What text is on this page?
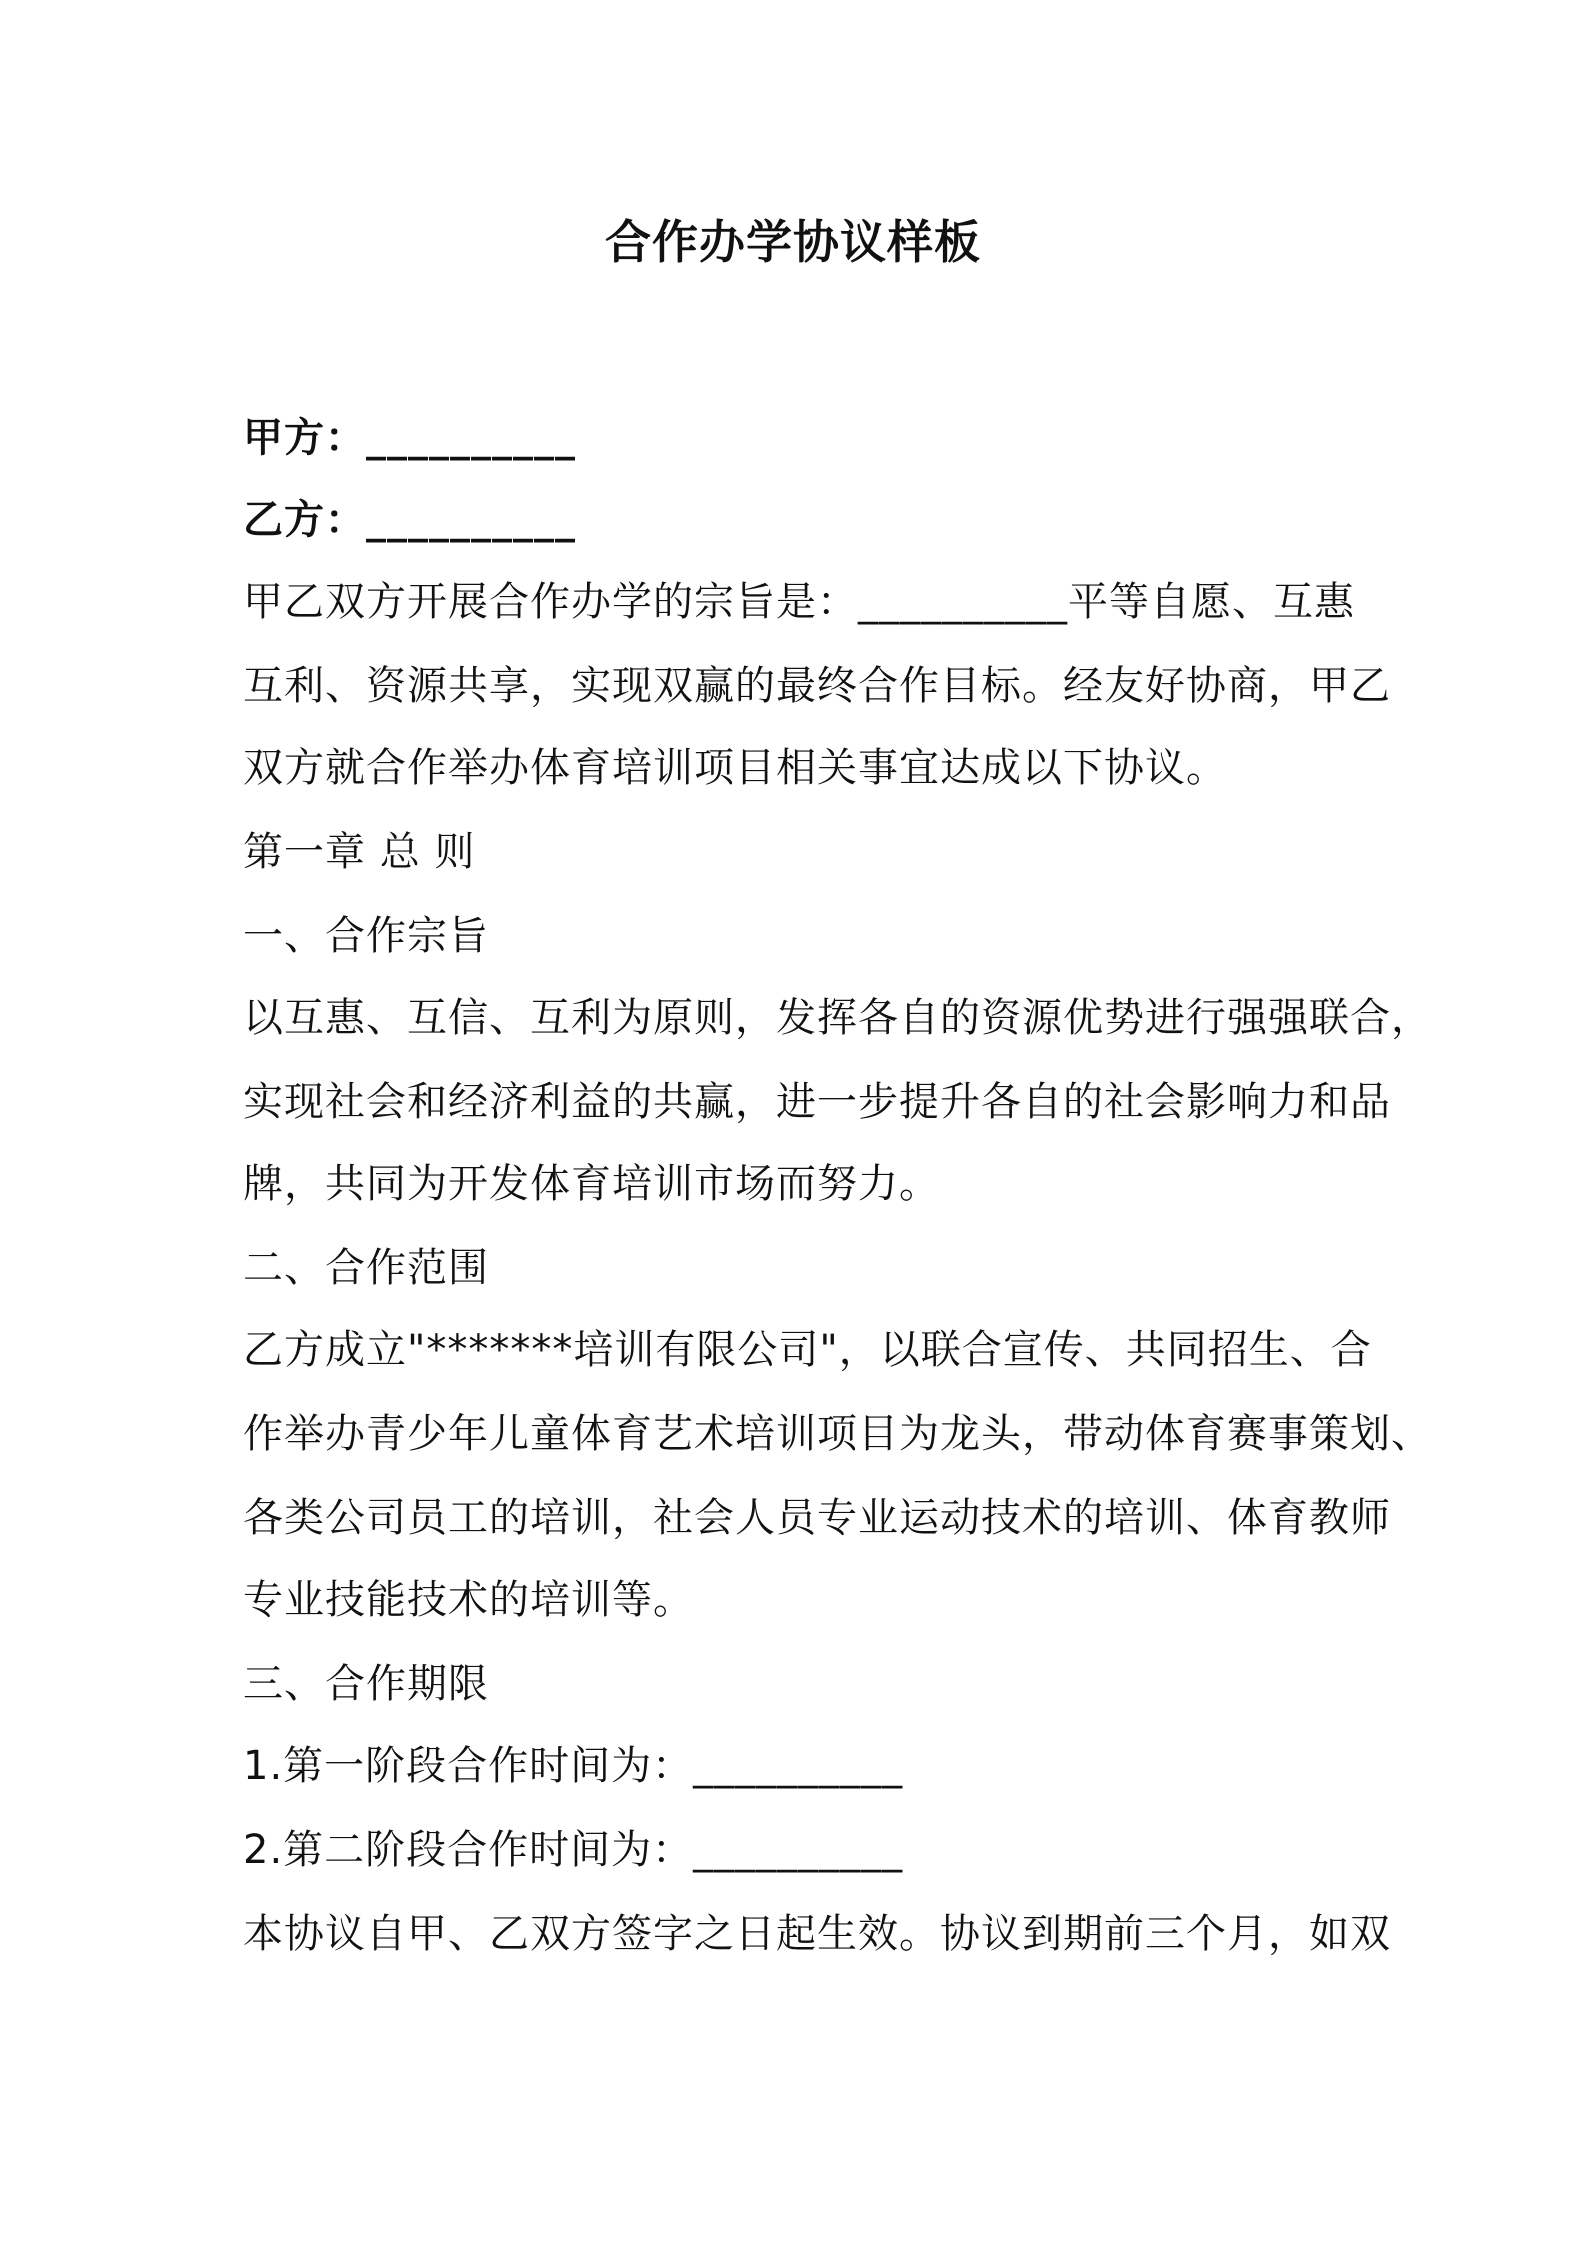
合作办学协议样板
甲方：__________
乙方：__________
甲乙双方开展合作办学的宗旨是：__________平等自愿、互惠
互利、资源共享，实现双赢的最终合作目标。经友好协商，甲乙
双方就合作举办体育培训项目相关事宜达成以下协议。
第一章 总 则
一、合作宗旨
以互惠、互信、互利为原则，发挥各自的资源优势进行强强联合，
实现社会和经济利益的共赢，进一步提升各自的社会影响力和品
牌，共同为开发体育培训市场而努力。
二、合作范围
乙方成立"*******培训有限公司"，以联合宣传、共同招生、合
作举办青少年儿童体育艺术培训项目为龙头，带动体育赛事策划、
各类公司员工的培训，社会人员专业运动技术的培训、体育教师
专业技能技术的培训等。
三、合作期限
1.第一阶段合作时间为：__________
2.第二阶段合作时间为：__________
本协议自甲、乙双方签字之日起生效。协议到期前三个月，如双
